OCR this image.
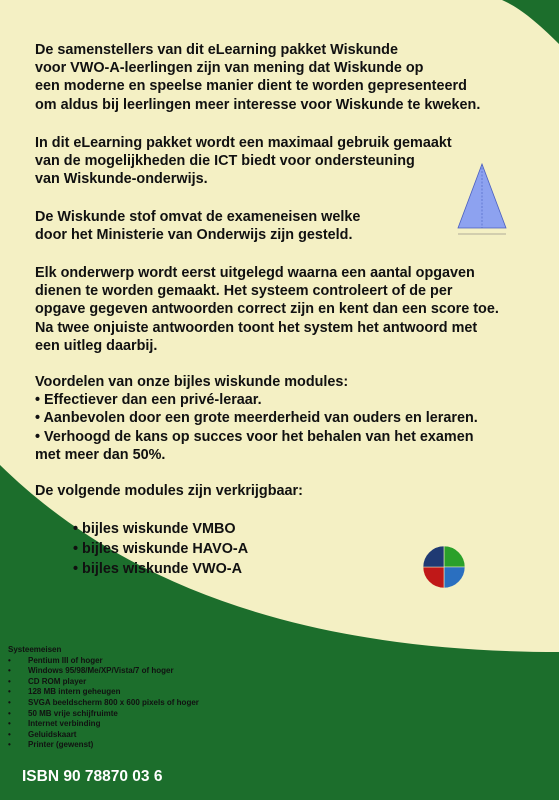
De samenstellers van dit eLearning pakket Wiskunde
voor VWO-A-leerlingen zijn van mening dat Wiskunde op
een moderne en speelse manier dient te worden gepresenteerd
om aldus bij leerlingen meer interesse voor Wiskunde te kweken.

In dit eLearning pakket wordt een maximaal gebruik gemaakt
van de mogelijkheden die ICT biedt voor ondersteuning
van Wiskunde-onderwijs.

De Wiskunde stof omvat de exameneisen welke
door het Ministerie van Onderwijs zijn gesteld.

Elk onderwerp wordt eerst uitgelegd waarna een aantal opgaven
dienen te worden gemaakt. Het systeem controleert of de per
opgave gegeven antwoorden correct zijn en kent dan een score toe.
Na twee onjuiste antwoorden toont het system het antwoord met
een uitleg daarbij.

Voordelen van onze bijles wiskunde modules:
• Effectiever dan een privé-leraar.
• Aanbevolen door een grote meerderheid van ouders en leraren.
• Verhoogd de kans op succes voor het behalen van het examen
met meer dan 50%.

De volgende modules zijn verkrijgbaar:

• bijles wiskunde VMBO
• bijles wiskunde HAVO-A
• bijles wiskunde VWO-A
Systeemeisen
• Pentium III of hoger
• Windows 95/98/Me/XP/Vista/7 of hoger
• CD ROM player
• 128 MB intern geheugen
• SVGA beeldscherm 800 x 600 pixels of hoger
• 50 MB vrije schijfruimte
• Internet verbinding
• Geluidskaart
• Printer (gewenst)
ISBN 90 78870 03 6
